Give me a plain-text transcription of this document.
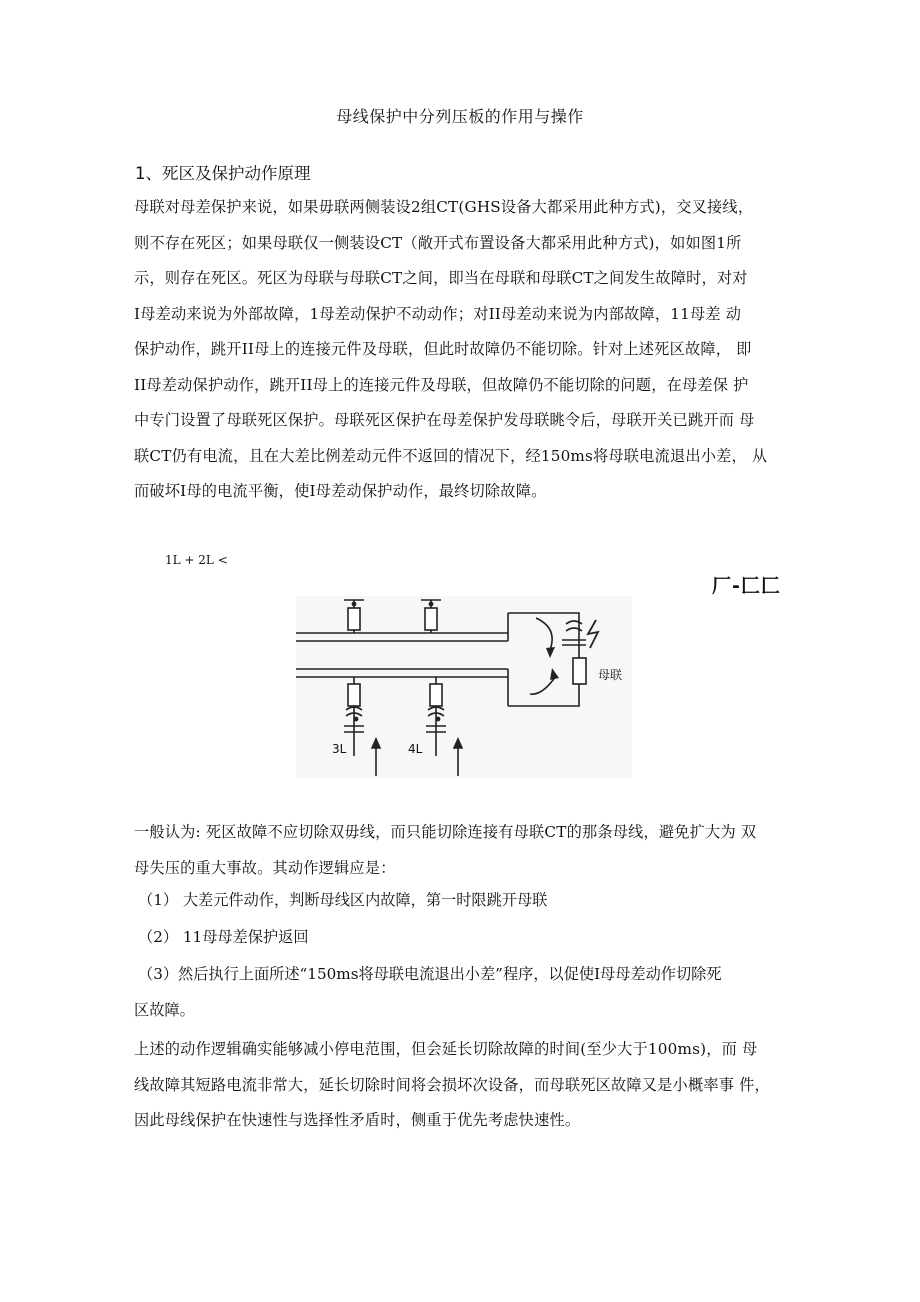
母线保护中分列压板的作用与操作
1、死区及保护动作原理
母联对母差保护来说，如果毋联两侧装设2组CT(GHS设备大都采用此种方式)，交叉接线，
则不存在死区；如果母联仅一侧装设CT（敞开式布置设备大都采用此种方式)，如如图1所
示，则存在死区。死区为母联与母联CT之间，即当在母联和母联CT之间发生故障时，对对
I母差动来说为外部故障，1母差动保护不动动作；对II母差动来说为内部故障，11母差 动
保护动作，跳开II母上的连接元件及母联，但此时故障仍不能切除。针对上述死区故障， 即
II母差动保护动作，跳开II母上的连接元件及母联，但故障仍不能切除的问题，在母差保 护
中专门设置了母联死区保护。母联死区保护在母差保护发母联眺令后，母联开关已跳开而 母
联CT仍有电流，且在大差比例差动元件不返回的情况下，经150ms将母联电流退出小差， 从
而破坏I母的电流平衡，使I母差动保护动作，最终切除故障。
1L + 2L <
厂-匚匚
母联
3L	4L
一般认为: 死区故障不应切除双毋线，而只能切除连接有母联CT的那条母线，避免扩大为 双
母失压的重大事故。其动作逻辑应是：
（1） 大差元件动作，判断母线区内故障，第一时限跳开母联
（2） 11母母差保护返回
（3）然后执行上面所述“150ms将母联电流退出小差”程序，以促使I母母差动作切除死
区故障。
上述的动作逻辑确实能够减小停电范围，但会延长切除故障的时间(至少大于100ms)，而 母
线故障其短路电流非常大，延长切除时间将会损坏次设备，而母联死区故障又是小概率事 件，
因此母线保护在快速性与选择性矛盾时，侧重于优先考虑快速性。
